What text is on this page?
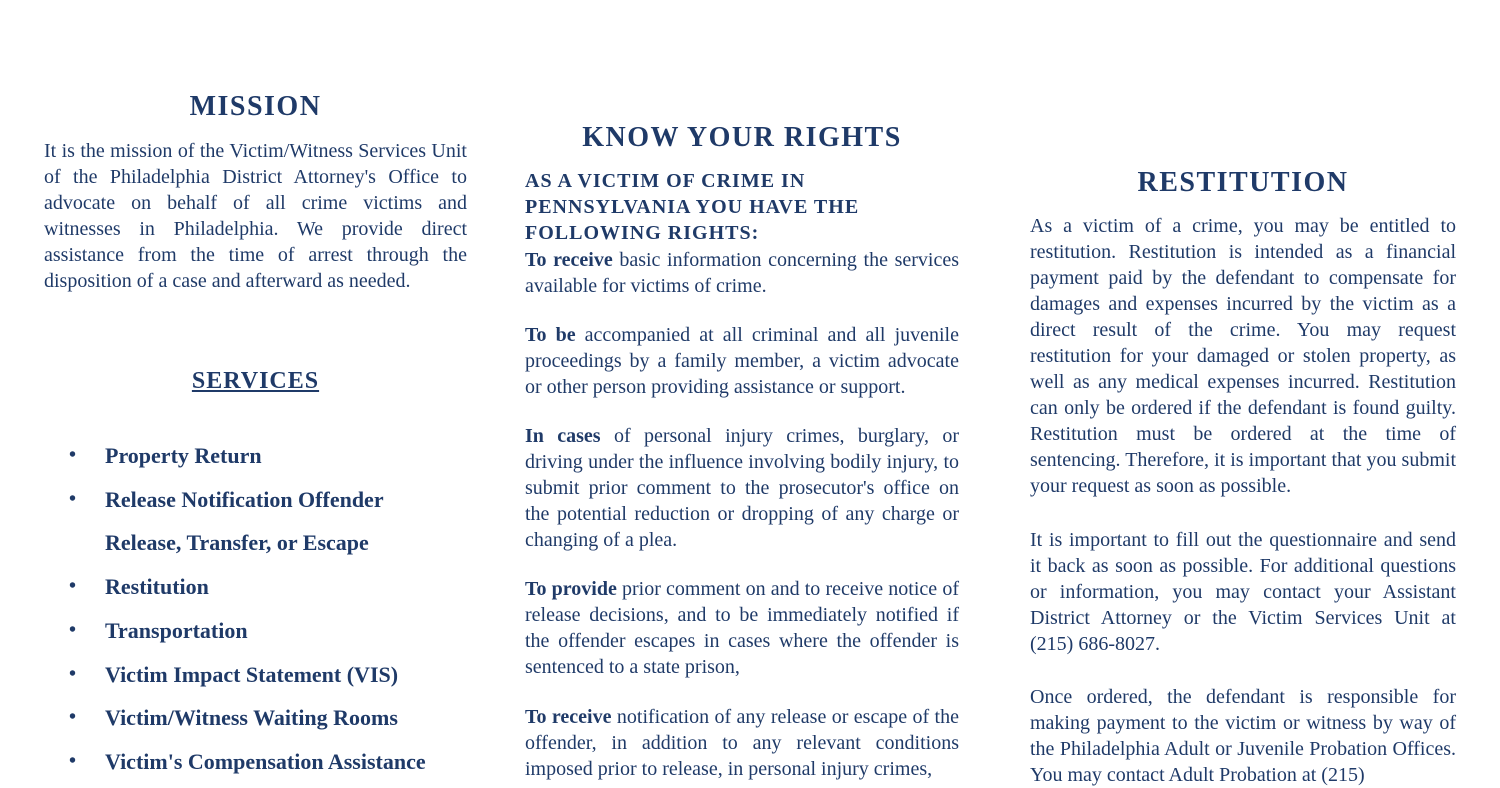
MISSION

It is the mission of the Victim/Witness Services Unit of the Philadelphia District Attorney's Office to advocate on behalf of all crime victims and witnesses in Philadelphia. We provide direct assistance from the time of arrest through the disposition of a case and afterward as needed.

SERVICES
• Property Return
• Release Notification Offender Release, Transfer, or Escape
• Restitution
• Transportation
• Victim Impact Statement (VIS)
• Victim/Witness Waiting Rooms
• Victim's Compensation Assistance
KNOW YOUR RIGHTS

AS A VICTIM OF CRIME IN PENNSYLVANIA YOU HAVE THE FOLLOWING RIGHTS:

To receive basic information concerning the services available for victims of crime.

To be accompanied at all criminal and all juvenile proceedings by a family member, a victim advocate or other person providing assistance or support.

In cases of personal injury crimes, burglary, or driving under the influence involving bodily injury, to submit prior comment to the prosecutor's office on the potential reduction or dropping of any charge or changing of a plea.

To provide prior comment on and to receive notice of release decisions, and to be immediately notified if the offender escapes in cases where the offender is sentenced to a state prison,

To receive notification of any release or escape of the offender, in addition to any relevant conditions imposed prior to release, in personal injury crimes,

RESTITUTION

As a victim of a crime, you may be entitled to restitution. Restitution is intended as a financial payment paid by the defendant to compensate for damages and expenses incurred by the victim as a direct result of the crime. You may request restitution for your damaged or stolen property, as well as any medical expenses incurred. Restitution can only be ordered if the defendant is found guilty. Restitution must be ordered at the time of sentencing. Therefore, it is important that you submit your request as soon as possible.

It is important to fill out the questionnaire and send it back as soon as possible. For additional questions or information, you may contact your Assistant District Attorney or the Victim Services Unit at (215) 686-8027.

Once ordered, the defendant is responsible for making payment to the victim or witness by way of the Philadelphia Adult or Juvenile Probation Offices. You may contact Adult Probation at (215)
